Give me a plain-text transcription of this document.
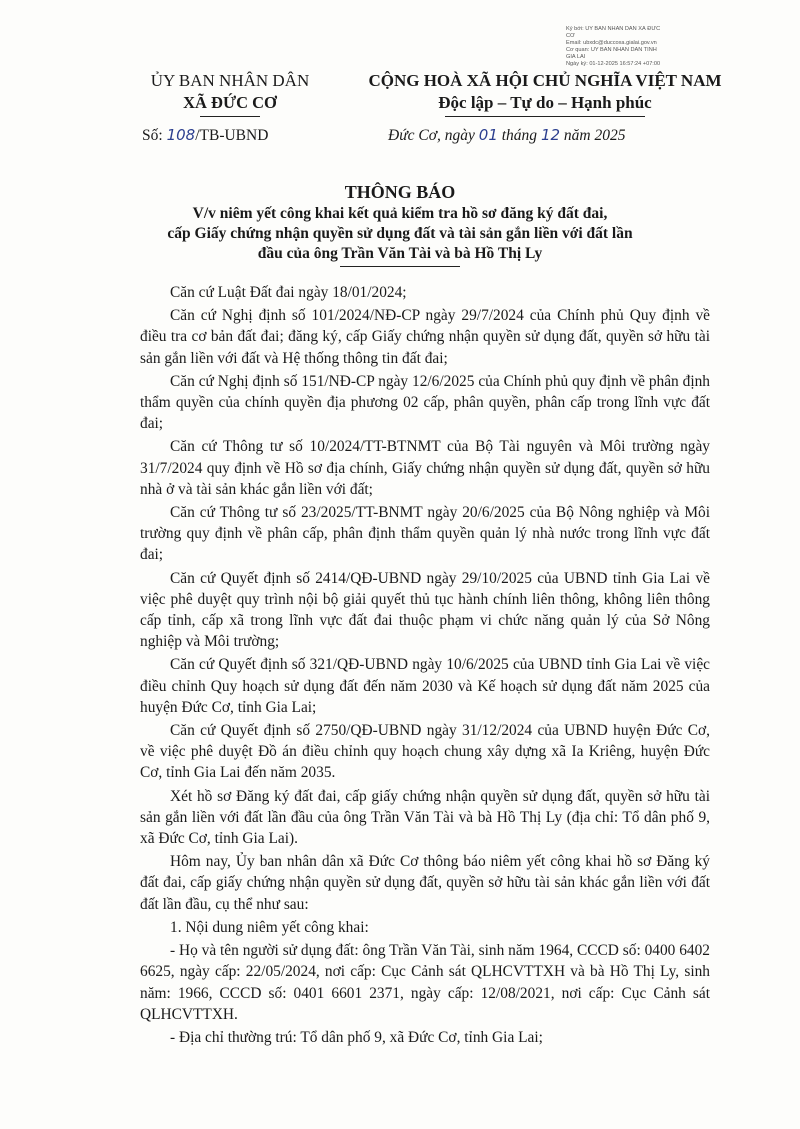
Ký bởi: ỦY BAN NHÂN DÂN XÃ ĐỨC
CƠ
Email: ubxdc@duccoxa.gialai.gov.vn
Cơ quan: ỦY BAN NHÂN DÂN TỈNH
GIA LAI
Ngày ký: 01-12-2025 16:57:24 +07:00
ỦY BAN NHÂN DÂN
XÃ ĐỨC CƠ
CỘNG HOÀ XÃ HỘI CHỦ NGHĨA VIỆT NAM
Độc lập – Tự do – Hạnh phúc
Số: 108/TB-UBND	Đức Cơ, ngày 01 tháng 12 năm 2025
THÔNG BÁO
V/v niêm yết công khai kết quả kiểm tra hồ sơ đăng ký đất đai,
cấp Giấy chứng nhận quyền sử dụng đất và tài sản gắn liền với đất lần
đầu của ông Trần Văn Tài và bà Hồ Thị Ly

Căn cứ Luật Đất đai ngày 18/01/2024;

Căn cứ Nghị định số 101/2024/NĐ-CP ngày 29/7/2024 của Chính phủ Quy định về điều tra cơ bản đất đai; đăng ký, cấp Giấy chứng nhận quyền sử dụng đất, quyền sở hữu tài sản gắn liền với đất và Hệ thống thông tin đất đai;

Căn cứ Nghị định số 151/NĐ-CP ngày 12/6/2025 của Chính phủ quy định về phân định thẩm quyền của chính quyền địa phương 02 cấp, phân quyền, phân cấp trong lĩnh vực đất đai;

Căn cứ Thông tư số 10/2024/TT-BTNMT của Bộ Tài nguyên và Môi trường ngày 31/7/2024 quy định về Hồ sơ địa chính, Giấy chứng nhận quyền sử dụng đất, quyền sở hữu nhà ở và tài sản khác gắn liền với đất;

Căn cứ Thông tư số 23/2025/TT-BNMT ngày 20/6/2025 của Bộ Nông nghiệp và Môi trường quy định về phân cấp, phân định thẩm quyền quản lý nhà nước trong lĩnh vực đất đai;

Căn cứ Quyết định số 2414/QĐ-UBND ngày 29/10/2025 của UBND tỉnh Gia Lai về việc phê duyệt quy trình nội bộ giải quyết thủ tục hành chính liên thông, không liên thông cấp tỉnh, cấp xã trong lĩnh vực đất đai thuộc phạm vi chức năng quản lý của Sở Nông nghiệp và Môi trường;

Căn cứ Quyết định số 321/QĐ-UBND ngày 10/6/2025 của UBND tỉnh Gia Lai về việc điều chỉnh Quy hoạch sử dụng đất đến năm 2030 và Kế hoạch sử dụng đất năm 2025 của huyện Đức Cơ, tỉnh Gia Lai;

Căn cứ Quyết định số 2750/QĐ-UBND ngày 31/12/2024 của UBND huyện Đức Cơ, về việc phê duyệt Đồ án điều chỉnh quy hoạch chung xây dựng xã Ia Kriêng, huyện Đức Cơ, tỉnh Gia Lai đến năm 2035.

Xét hồ sơ Đăng ký đất đai, cấp giấy chứng nhận quyền sử dụng đất, quyền sở hữu tài sản gắn liền với đất lần đầu của ông Trần Văn Tài và bà Hồ Thị Ly (địa chỉ: Tổ dân phố 9, xã Đức Cơ, tỉnh Gia Lai).

Hôm nay, Ủy ban nhân dân xã Đức Cơ thông báo niêm yết công khai hồ sơ Đăng ký đất đai, cấp giấy chứng nhận quyền sử dụng đất, quyền sở hữu tài sản khác gắn liền với đất đất lần đầu, cụ thể như sau:

1. Nội dung niêm yết công khai:

- Họ và tên người sử dụng đất: ông Trần Văn Tài, sinh năm 1964, CCCD số: 0400 6402 6625, ngày cấp: 22/05/2024, nơi cấp: Cục Cảnh sát QLHCVTTXH và bà Hồ Thị Ly, sinh năm: 1966, CCCD số: 0401 6601 2371, ngày cấp: 12/08/2021, nơi cấp: Cục Cảnh sát QLHCVTTXH.

- Địa chỉ thường trú: Tổ dân phố 9, xã Đức Cơ, tỉnh Gia Lai;
